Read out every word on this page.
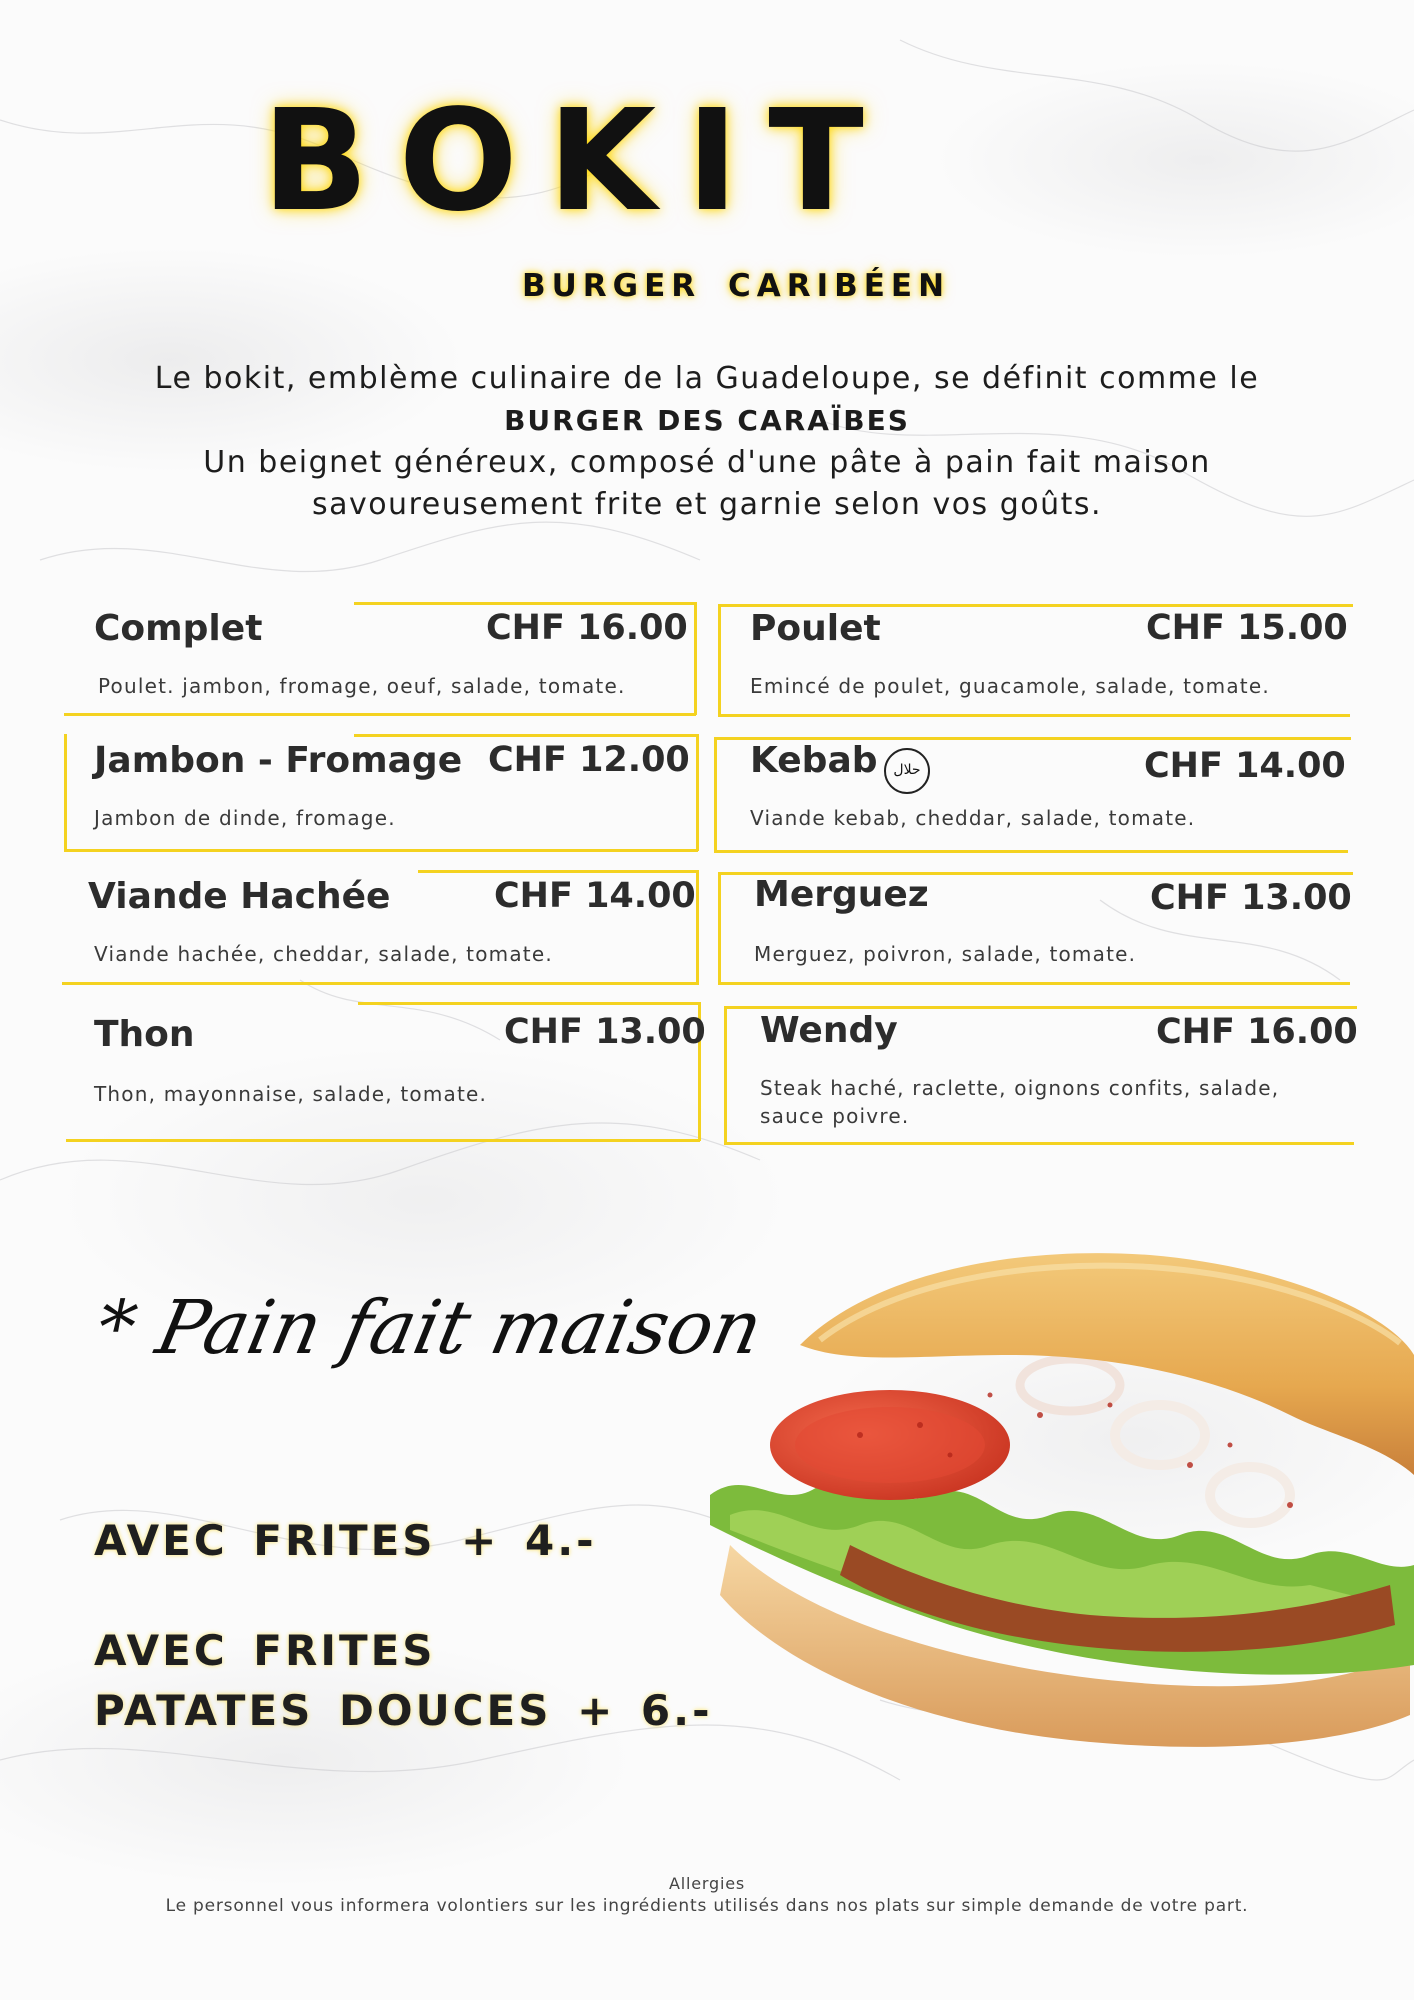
BOKIT
BURGER CARIBÉEN
Le bokit, emblème culinaire de la Guadeloupe, se définit comme le
BURGER DES CARAÏBES
Un beignet généreux, composé d'une pâte à pain fait maison
savoureusement frite et garnie selon vos goûts.
Complet	CHF 16.00
Poulet. jambon, fromage, oeuf, salade, tomate.
Poulet	CHF 15.00
Emincé de poulet, guacamole, salade, tomate.
Jambon - Fromage CHF 12.00
Jambon de dinde, fromage.
Kebab	حلال	CHF 14.00
Viande kebab, cheddar, salade, tomate.
Viande Hachée	CHF 14.00
Viande hachée, cheddar, salade, tomate.
Merguez	CHF 13.00
Merguez, poivron, salade, tomate.
Thon	CHF 13.00
Thon, mayonnaise, salade, tomate.
Wendy	CHF 16.00
Steak haché, raclette, oignons confits, salade, sauce poivre.
* Pain fait maison
AVEC FRITES + 4.-
AVEC FRITES
PATATES DOUCES + 6.-
Allergies
Le personnel vous informera volontiers sur les ingrédients utilisés dans nos plats sur simple demande de votre part.
